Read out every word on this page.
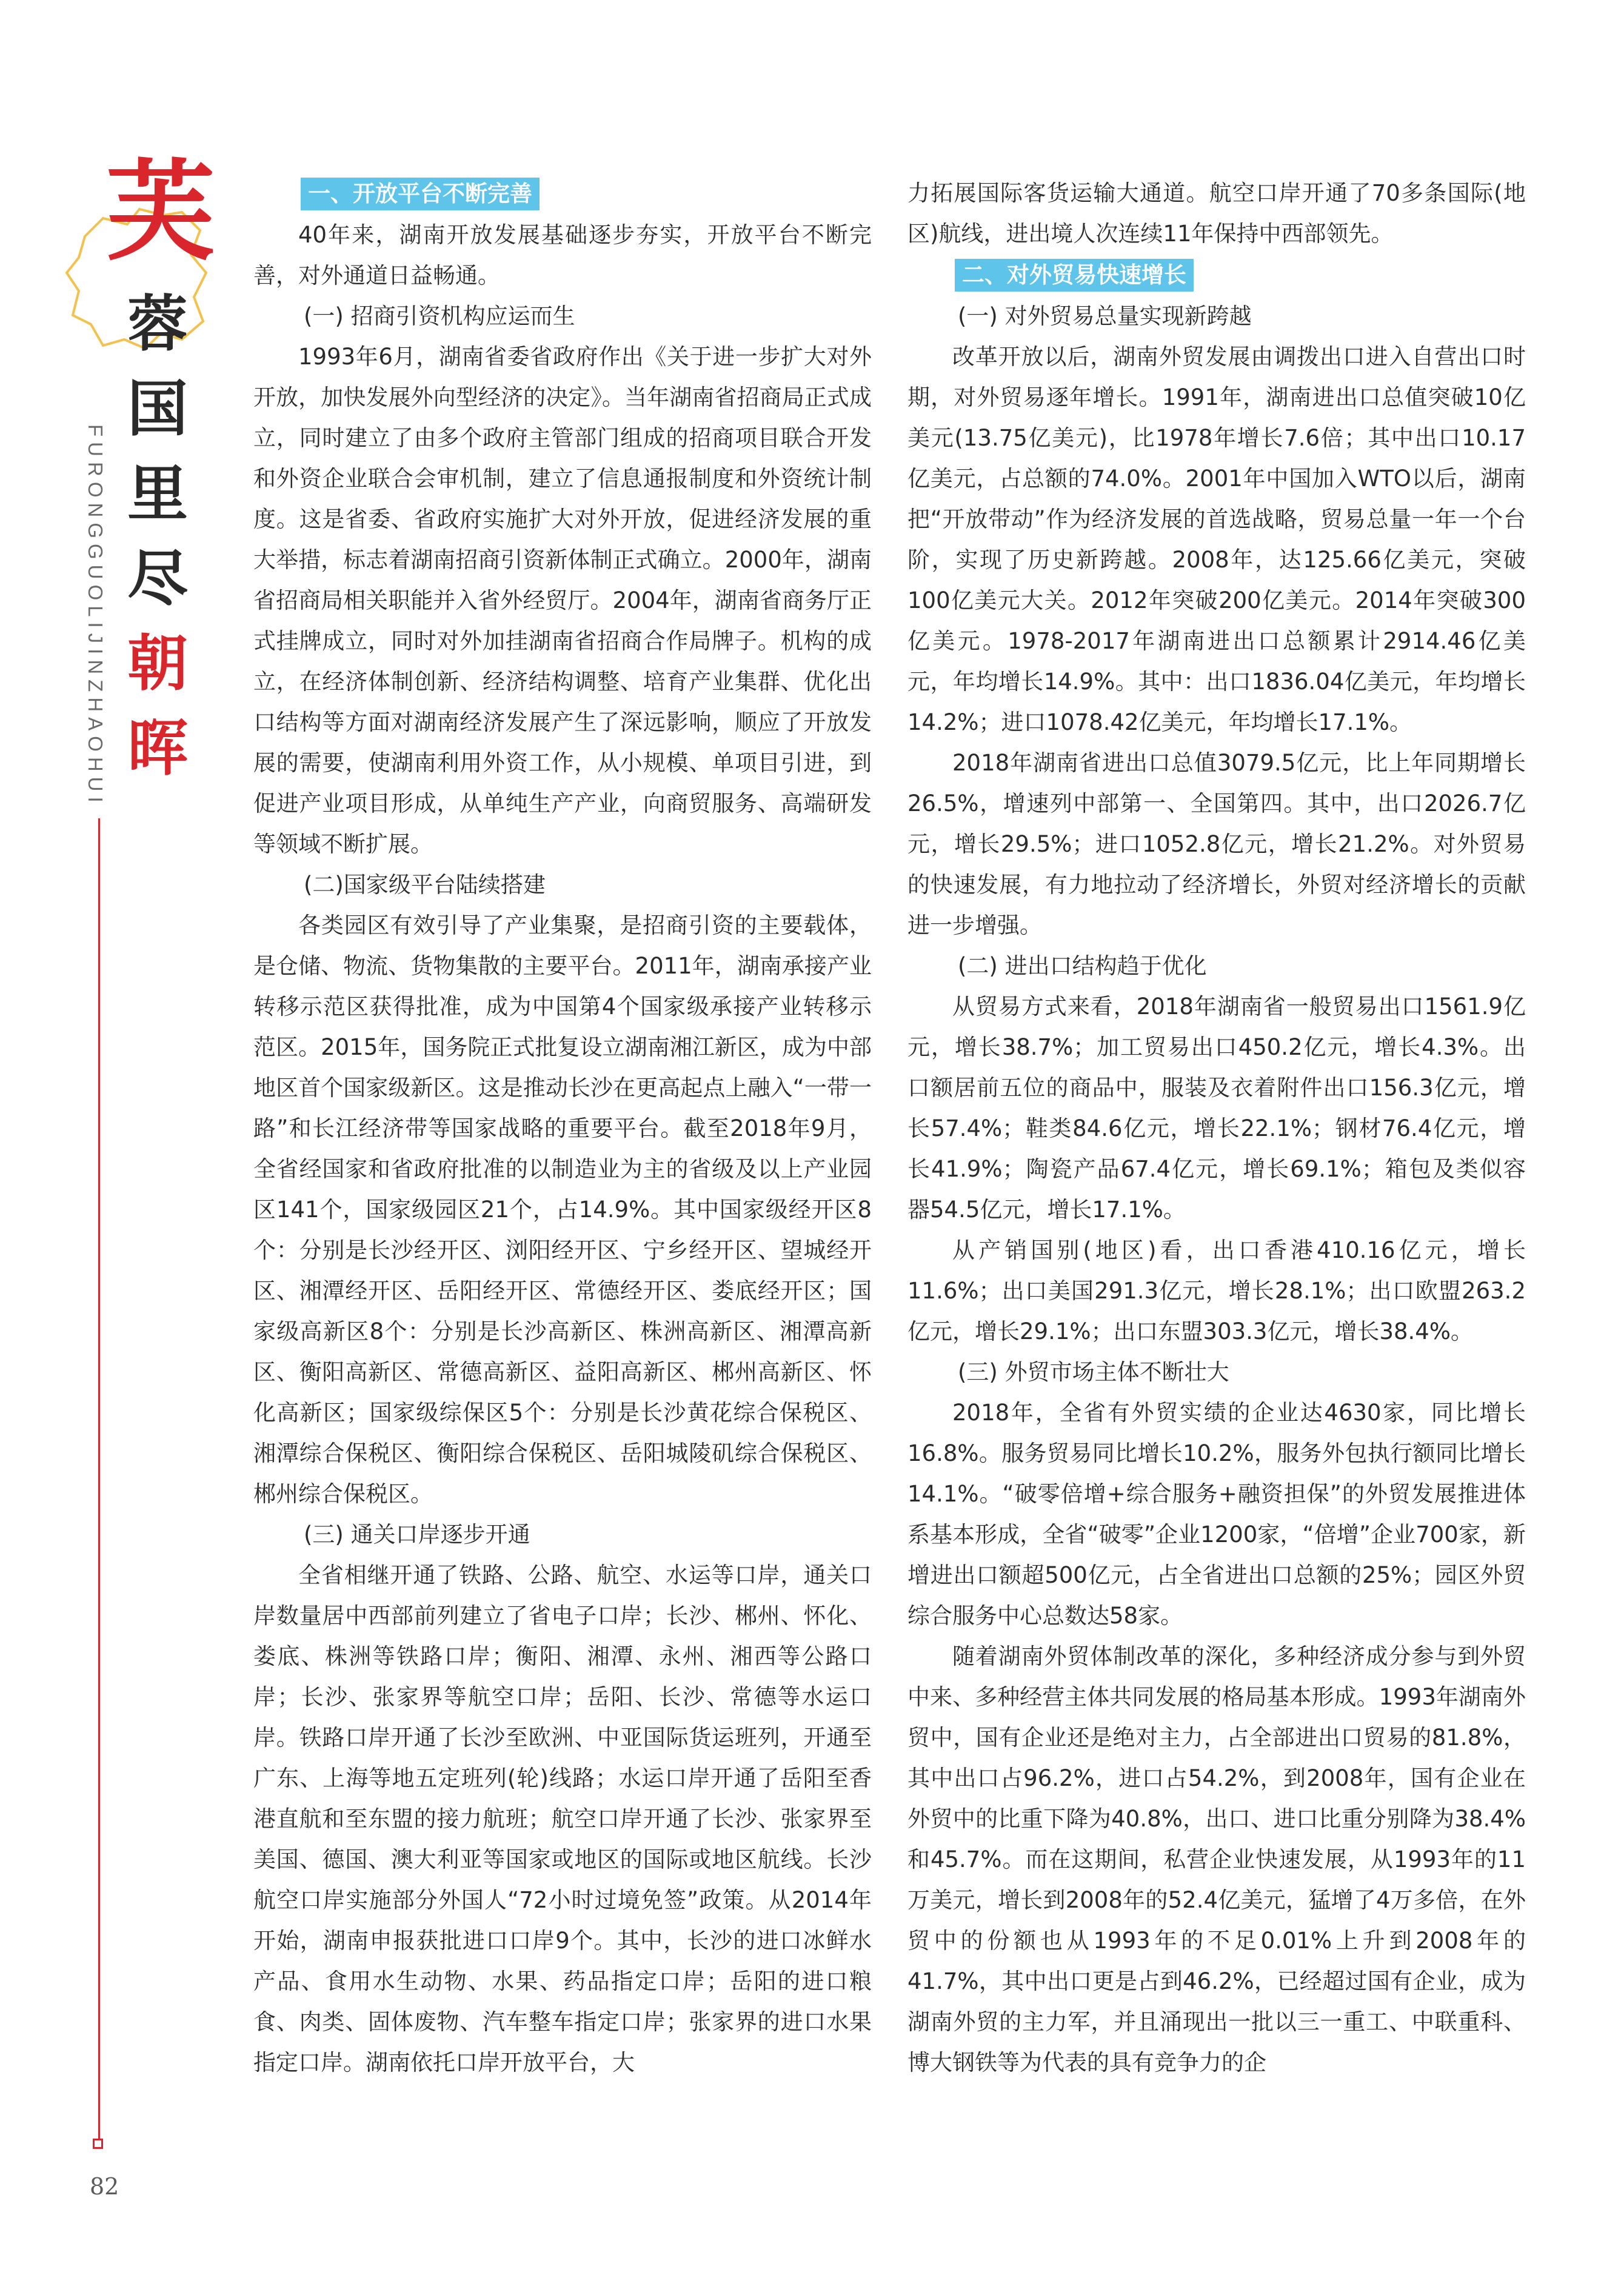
芙
蓉
国
里
尽
朝
晖
FURONGGUOLIJINZHAOHUI
82
一、开放平台不断完善

40年来，湖南开放发展基础逐步夯实，开放平台不断完善，对外通道日益畅通。

(一) 招商引资机构应运而生

1993年6月，湖南省委省政府作出《关于进一步扩大对外开放，加快发展外向型经济的决定》。当年湖南省招商局正式成立，同时建立了由多个政府主管部门组成的招商项目联合开发和外资企业联合会审机制，建立了信息通报制度和外资统计制度。这是省委、省政府实施扩大对外开放，促进经济发展的重大举措，标志着湖南招商引资新体制正式确立。2000年，湖南省招商局相关职能并入省外经贸厅。2004年，湖南省商务厅正式挂牌成立，同时对外加挂湖南省招商合作局牌子。机构的成立，在经济体制创新、经济结构调整、培育产业集群、优化出口结构等方面对湖南经济发展产生了深远影响，顺应了开放发展的需要，使湖南利用外资工作，从小规模、单项目引进，到促进产业项目形成，从单纯生产产业，向商贸服务、高端研发等领域不断扩展。

(二)国家级平台陆续搭建

各类园区有效引导了产业集聚，是招商引资的主要载体，是仓储、物流、货物集散的主要平台。2011年，湖南承接产业转移示范区获得批准，成为中国第4个国家级承接产业转移示范区。2015年，国务院正式批复设立湖南湘江新区，成为中部地区首个国家级新区。这是推动长沙在更高起点上融入“一带一路”和长江经济带等国家战略的重要平台。截至2018年9月，全省经国家和省政府批准的以制造业为主的省级及以上产业园区141个，国家级园区21个，占14.9%。其中国家级经开区8个：分别是长沙经开区、浏阳经开区、宁乡经开区、望城经开区、湘潭经开区、岳阳经开区、常德经开区、娄底经开区；国家级高新区8个：分别是长沙高新区、株洲高新区、湘潭高新区、衡阳高新区、常德高新区、益阳高新区、郴州高新区、怀化高新区；国家级综保区5个：分别是长沙黄花综合保税区、湘潭综合保税区、衡阳综合保税区、岳阳城陵矶综合保税区、郴州综合保税区。

(三) 通关口岸逐步开通

全省相继开通了铁路、公路、航空、水运等口岸，通关口岸数量居中西部前列建立了省电子口岸；长沙、郴州、怀化、娄底、株洲等铁路口岸；衡阳、湘潭、永州、湘西等公路口岸；长沙、张家界等航空口岸；岳阳、长沙、常德等水运口岸。铁路口岸开通了长沙至欧洲、中亚国际货运班列，开通至广东、上海等地五定班列(轮)线路；水运口岸开通了岳阳至香港直航和至东盟的接力航班；航空口岸开通了长沙、张家界至美国、德国、澳大利亚等国家或地区的国际或地区航线。长沙航空口岸实施部分外国人“72小时过境免签”政策。从2014年开始，湖南申报获批进口口岸9个。其中，长沙的进口冰鲜水产品、食用水生动物、水果、药品指定口岸；岳阳的进口粮食、肉类、固体废物、汽车整车指定口岸；张家界的进口水果指定口岸。湖南依托口岸开放平台，大

力拓展国际客货运输大通道。航空口岸开通了70多条国际(地区)航线，进出境人次连续11年保持中西部领先。

二、对外贸易快速增长
(一) 对外贸易总量实现新跨越

改革开放以后，湖南外贸发展由调拨出口进入自营出口时期，对外贸易逐年增长。1991年，湖南进出口总值突破10亿美元(13.75亿美元)，比1978年增长7.6倍；其中出口10.17亿美元，占总额的74.0%。2001年中国加入WTO以后，湖南把“开放带动”作为经济发展的首选战略，贸易总量一年一个台阶，实现了历史新跨越。2008年，达125.66亿美元，突破100亿美元大关。2012年突破200亿美元。2014年突破300亿美元。1978-2017年湖南进出口总额累计2914.46亿美元，年均增长14.9%。其中：出口1836.04亿美元，年均增长14.2%；进口1078.42亿美元，年均增长17.1%。

2018年湖南省进出口总值3079.5亿元，比上年同期增长26.5%，增速列中部第一、全国第四。其中，出口2026.7亿元，增长29.5%；进口1052.8亿元，增长21.2%。对外贸易的快速发展，有力地拉动了经济增长，外贸对经济增长的贡献进一步增强。

(二) 进出口结构趋于优化

从贸易方式来看，2018年湖南省一般贸易出口1561.9亿元，增长38.7%；加工贸易出口450.2亿元，增长4.3%。出口额居前五位的商品中，服装及衣着附件出口156.3亿元，增长57.4%；鞋类84.6亿元，增长22.1%；钢材76.4亿元，增长41.9%；陶瓷产品67.4亿元，增长69.1%；箱包及类似容器54.5亿元，增长17.1%。

从产销国别(地区)看，出口香港410.16亿元，增长11.6%；出口美国291.3亿元，增长28.1%；出口欧盟263.2亿元，增长29.1%；出口东盟303.3亿元，增长38.4%。

(三) 外贸市场主体不断壮大

2018年，全省有外贸实绩的企业达4630家，同比增长16.8%。服务贸易同比增长10.2%，服务外包执行额同比增长14.1%。“破零倍增+综合服务+融资担保”的外贸发展推进体系基本形成，全省“破零”企业1200家，“倍增”企业700家，新增进出口额超500亿元，占全省进出口总额的25%；园区外贸综合服务中心总数达58家。

随着湖南外贸体制改革的深化，多种经济成分参与到外贸中来、多种经营主体共同发展的格局基本形成。1993年湖南外贸中，国有企业还是绝对主力，占全部进出口贸易的81.8%，其中出口占96.2%，进口占54.2%，到2008年，国有企业在外贸中的比重下降为40.8%，出口、进口比重分别降为38.4%和45.7%。而在这期间，私营企业快速发展，从1993年的11万美元，增长到2008年的52.4亿美元，猛增了4万多倍，在外贸中的份额也从1993年的不足0.01%上升到2008年的41.7%，其中出口更是占到46.2%，已经超过国有企业，成为湖南外贸的主力军，并且涌现出一批以三一重工、中联重科、博大钢铁等为代表的具有竞争力的企
